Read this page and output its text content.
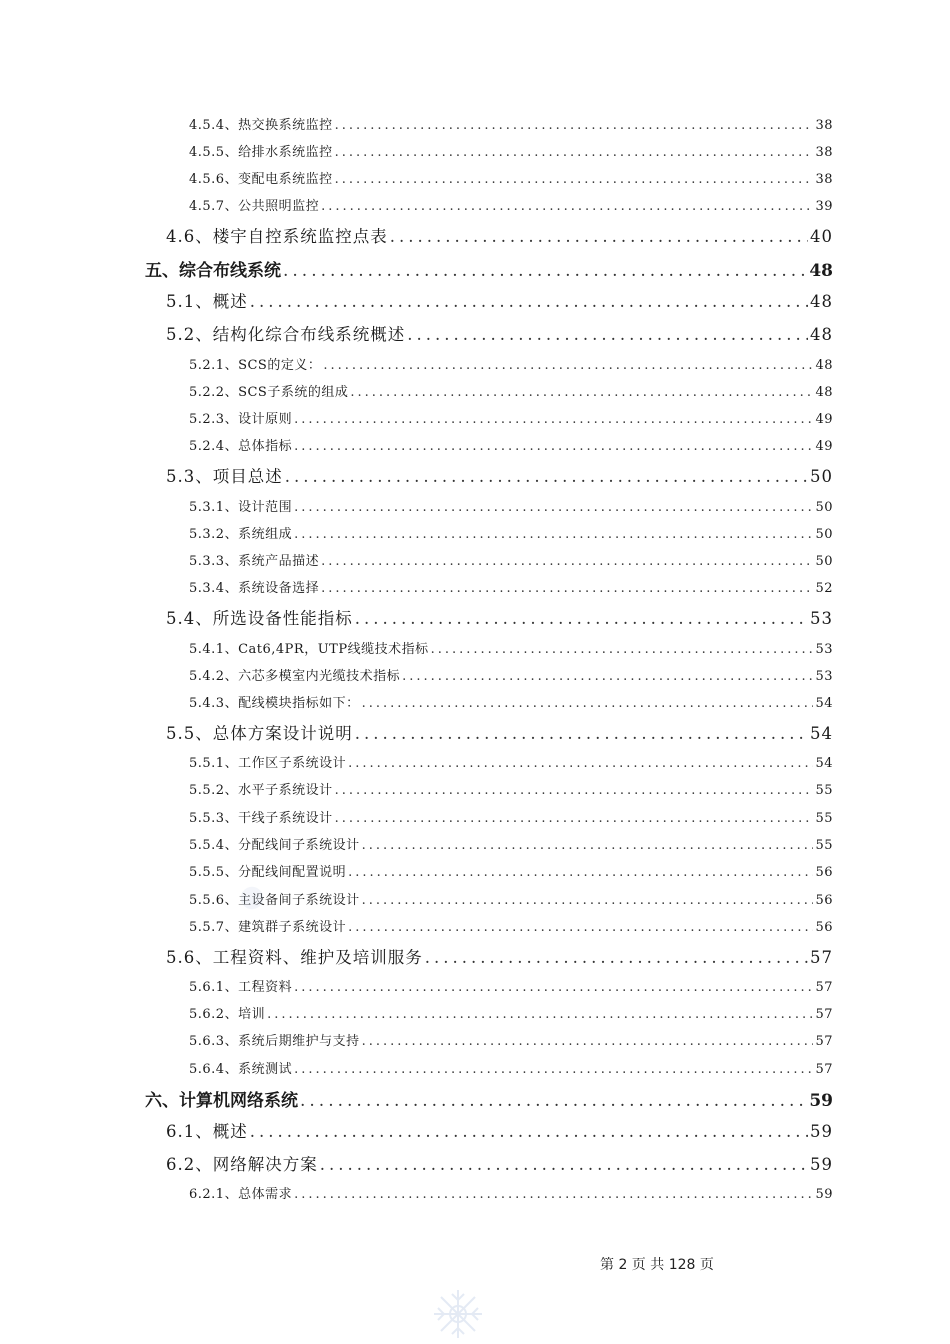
4.5.4、热交换系统监控 .....	38
4.5.5、给排水系统监控 .....	38
4.5.6、变配电系统监控 .....	38
4.5.7、公共照明监控 .....	39
4.6、楼宇自控系统监控点表 .....	40
五、综合布线系统 .....	48
5.1、概述 .....	48
5.2、结构化综合布线系统概述 .....	48
5.2.1、SCS的定义： .....	48
5.2.2、SCS子系统的组成 .....	48
5.2.3、设计原则 .....	49
5.2.4、总体指标 .....	49
5.3、项目总述 .....	50
5.3.1、设计范围 .....	50
5.3.2、系统组成 .....	50
5.3.3、系统产品描述 .....	50
5.3.4、系统设备选择 .....	52
5.4、所选设备性能指标 .....	53
5.4.1、Cat6,4PR，UTP线缆技术指标 .....	53
5.4.2、六芯多模室内光缆技术指标 .....	53
5.4.3、配线模块指标如下： .....	54
5.5、总体方案设计说明 .....	54
5.5.1、工作区子系统设计 .....	54
5.5.2、水平子系统设计 .....	55
5.5.3、干线子系统设计 .....	55
5.5.4、分配线间子系统设计 .....	55
5.5.5、分配线间配置说明 .....	56
5.5.6、主设备间子系统设计 .....	56
5.5.7、建筑群子系统设计 .....	56
5.6、工程资料、维护及培训服务 .....	57
5.6.1、工程资料 .....	57
5.6.2、培训 .....	57
5.6.3、系统后期维护与支持 .....	57
5.6.4、系统测试 .....	57
六、计算机网络系统 .....	59
6.1、概述 .....	59
6.2、网络解决方案 .....	59
6.2.1、总体需求 .....	59
第 2 页 共 128 页
